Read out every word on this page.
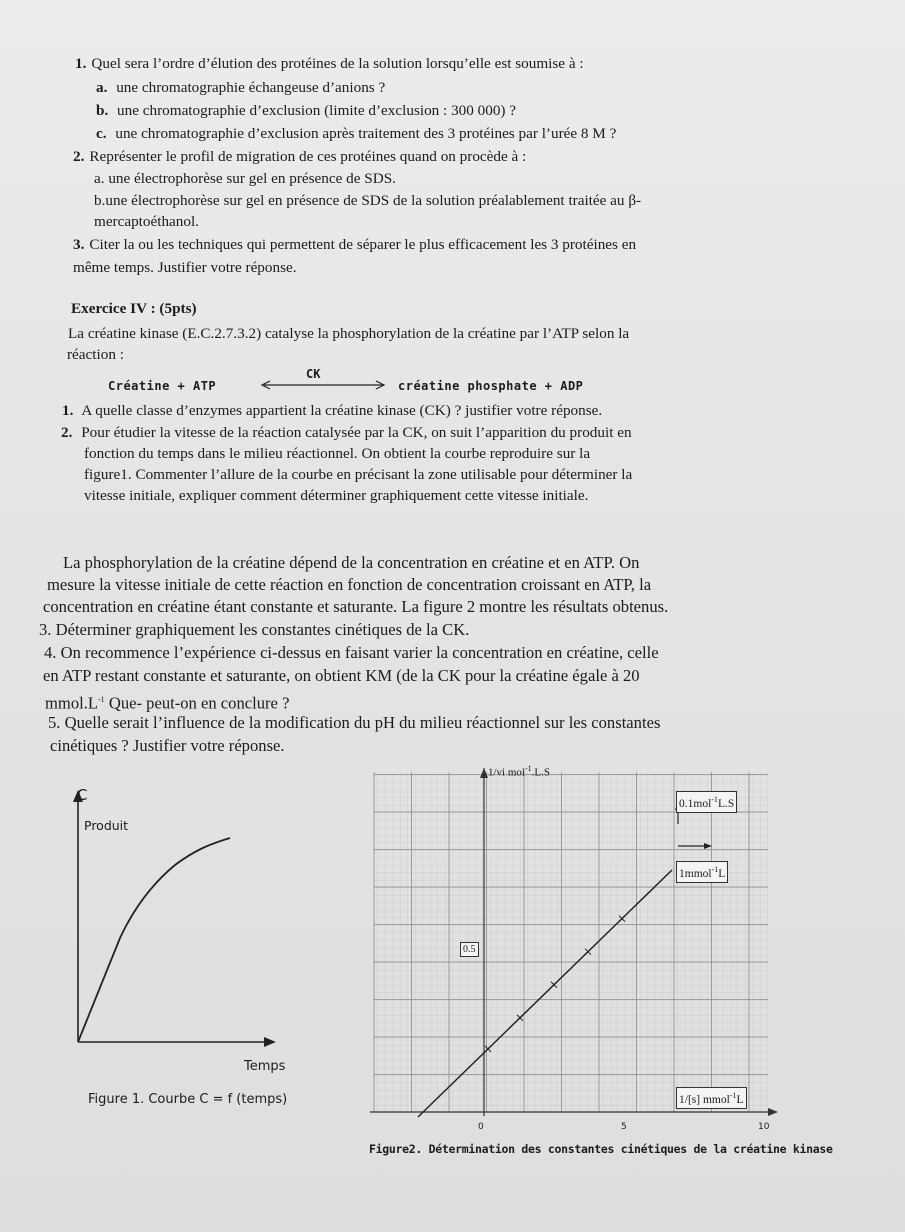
1. Quel sera l’ordre d’élution des protéines de la solution lorsqu’elle est soumise à :
a. une chromatographie échangeuse d’anions ?
b. une chromatographie d’exclusion (limite d’exclusion : 300 000) ?
c. une chromatographie d’exclusion après traitement des 3 protéines par l’urée 8 M ?
2. Représenter le profil de migration de ces protéines quand on procède à :
a. une électrophorèse sur gel en présence de SDS.
b.une électrophorèse sur gel en présence de SDS de la solution préalablement traitée au β-
mercaptoéthanol.
3. Citer la ou les techniques qui permettent de séparer le plus efficacement les 3 protéines en
même temps. Justifier votre réponse.
Exercice IV : (5pts)
La créatine kinase (E.C.2.7.3.2) catalyse la phosphorylation de la créatine par l’ATP selon la
réaction :
Créatine + ATP
CK
créatine phosphate + ADP
1. A quelle classe d’enzymes appartient la créatine kinase (CK) ? justifier votre réponse.
2. Pour étudier la vitesse de la réaction catalysée par la CK, on suit l’apparition du produit en
fonction du temps dans le milieu réactionnel. On obtient la courbe reproduire sur la
figure1. Commenter l’allure de la courbe en précisant la zone utilisable pour déterminer la
vitesse initiale, expliquer comment déterminer graphiquement cette vitesse initiale.
La phosphorylation de la créatine dépend de la concentration en créatine et en ATP. On
mesure la vitesse initiale de cette réaction en fonction de concentration croissant en ATP, la
concentration en créatine étant constante et saturante. La figure 2 montre les résultats obtenus.
3. Déterminer graphiquement les constantes cinétiques de la CK.
4. On recommence l’expérience ci-dessus en faisant varier la concentration en créatine, celle
en ATP restant constante et saturante, on obtient KM (de la CK pour la créatine égale à 20
$mmol.L^{-1}$ Que- peut-on en conclure ?
5. Quelle serait l’influence de la modification du pH du milieu réactionnel sur les constantes
cinétiques ? Justifier votre réponse.
C
Produit
Temps
Figure 1. Courbe C = f (temps)
1/vi mol$^{-1}$.L.S
0.1mol$^{-1}$L.S
1mmol$^{-1}$L
0.5
1/[s] mmol$^{-1}$L
0	5	10
Figure2. Détermination des constantes cinétiques de la créatine kinase
